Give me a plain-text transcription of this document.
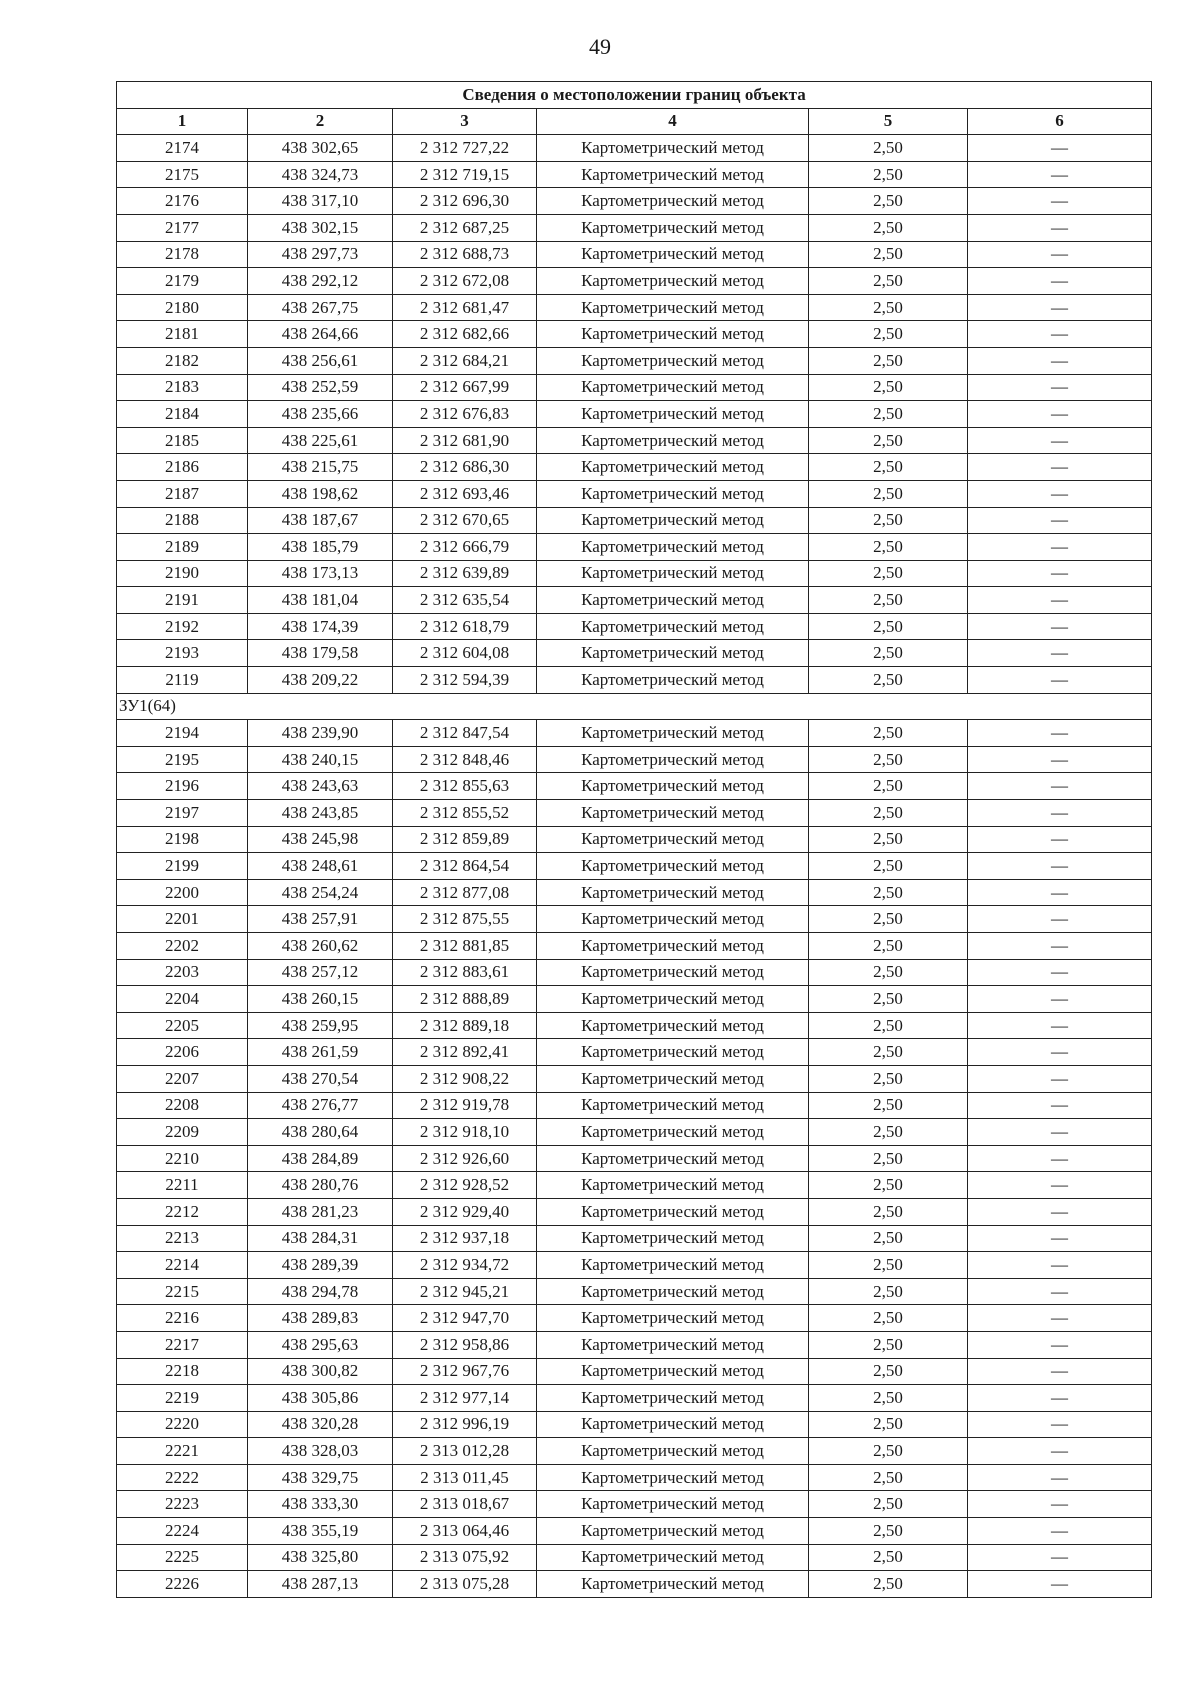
49
Сведения о местоположении границ объекта					
1	2	3	4	5	6
2174	438 302,65	2 312 727,22	Картометрический метод	2,50	—
2175	438 324,73	2 312 719,15	Картометрический метод	2,50	—
2176	438 317,10	2 312 696,30	Картометрический метод	2,50	—
2177	438 302,15	2 312 687,25	Картометрический метод	2,50	—
2178	438 297,73	2 312 688,73	Картометрический метод	2,50	—
2179	438 292,12	2 312 672,08	Картометрический метод	2,50	—
2180	438 267,75	2 312 681,47	Картометрический метод	2,50	—
2181	438 264,66	2 312 682,66	Картометрический метод	2,50	—
2182	438 256,61	2 312 684,21	Картометрический метод	2,50	—
2183	438 252,59	2 312 667,99	Картометрический метод	2,50	—
2184	438 235,66	2 312 676,83	Картометрический метод	2,50	—
2185	438 225,61	2 312 681,90	Картометрический метод	2,50	—
2186	438 215,75	2 312 686,30	Картометрический метод	2,50	—
2187	438 198,62	2 312 693,46	Картометрический метод	2,50	—
2188	438 187,67	2 312 670,65	Картометрический метод	2,50	—
2189	438 185,79	2 312 666,79	Картометрический метод	2,50	—
2190	438 173,13	2 312 639,89	Картометрический метод	2,50	—
2191	438 181,04	2 312 635,54	Картометрический метод	2,50	—
2192	438 174,39	2 312 618,79	Картометрический метод	2,50	—
2193	438 179,58	2 312 604,08	Картометрический метод	2,50	—
2119	438 209,22	2 312 594,39	Картометрический метод	2,50	—
ЗУ1(64)					
2194	438 239,90	2 312 847,54	Картометрический метод	2,50	—
2195	438 240,15	2 312 848,46	Картометрический метод	2,50	—
2196	438 243,63	2 312 855,63	Картометрический метод	2,50	—
2197	438 243,85	2 312 855,52	Картометрический метод	2,50	—
2198	438 245,98	2 312 859,89	Картометрический метод	2,50	—
2199	438 248,61	2 312 864,54	Картометрический метод	2,50	—
2200	438 254,24	2 312 877,08	Картометрический метод	2,50	—
2201	438 257,91	2 312 875,55	Картометрический метод	2,50	—
2202	438 260,62	2 312 881,85	Картометрический метод	2,50	—
2203	438 257,12	2 312 883,61	Картометрический метод	2,50	—
2204	438 260,15	2 312 888,89	Картометрический метод	2,50	—
2205	438 259,95	2 312 889,18	Картометрический метод	2,50	—
2206	438 261,59	2 312 892,41	Картометрический метод	2,50	—
2207	438 270,54	2 312 908,22	Картометрический метод	2,50	—
2208	438 276,77	2 312 919,78	Картометрический метод	2,50	—
2209	438 280,64	2 312 918,10	Картометрический метод	2,50	—
2210	438 284,89	2 312 926,60	Картометрический метод	2,50	—
2211	438 280,76	2 312 928,52	Картометрический метод	2,50	—
2212	438 281,23	2 312 929,40	Картометрический метод	2,50	—
2213	438 284,31	2 312 937,18	Картометрический метод	2,50	—
2214	438 289,39	2 312 934,72	Картометрический метод	2,50	—
2215	438 294,78	2 312 945,21	Картометрический метод	2,50	—
2216	438 289,83	2 312 947,70	Картометрический метод	2,50	—
2217	438 295,63	2 312 958,86	Картометрический метод	2,50	—
2218	438 300,82	2 312 967,76	Картометрический метод	2,50	—
2219	438 305,86	2 312 977,14	Картометрический метод	2,50	—
2220	438 320,28	2 312 996,19	Картометрический метод	2,50	—
2221	438 328,03	2 313 012,28	Картометрический метод	2,50	—
2222	438 329,75	2 313 011,45	Картометрический метод	2,50	—
2223	438 333,30	2 313 018,67	Картометрический метод	2,50	—
2224	438 355,19	2 313 064,46	Картометрический метод	2,50	—
2225	438 325,80	2 313 075,92	Картометрический метод	2,50	—
2226	438 287,13	2 313 075,28	Картометрический метод	2,50	—
